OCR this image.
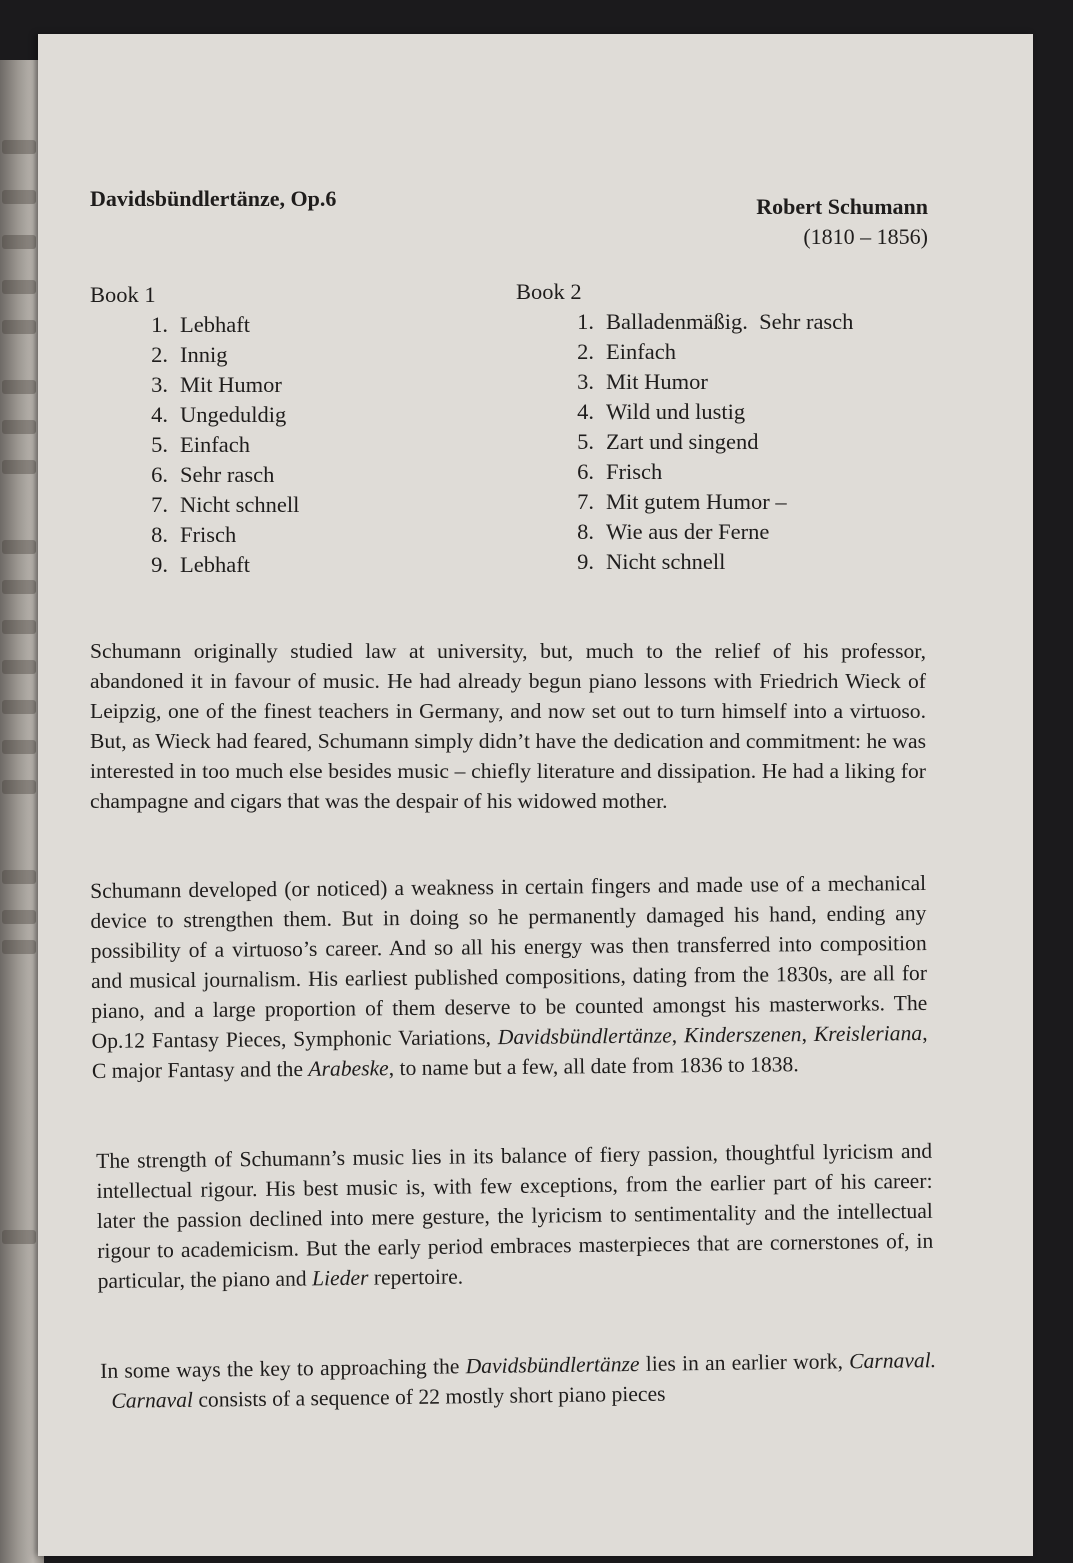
Davidsbündlertänze, Op.6	Robert Schumann
(1810 – 1856)
Book 1
1. Lebhaft
2. Innig
3. Mit Humor
4. Ungeduldig
5. Einfach
6. Sehr rasch
7. Nicht schnell
8. Frisch
9. Lebhaft
Book 2
1. Balladenmäßig.  Sehr rasch
2. Einfach
3. Mit Humor
4. Wild und lustig
5. Zart und singend
6. Frisch
7. Mit gutem Humor –
8. Wie aus der Ferne
9. Nicht schnell

Schumann originally studied law at university, but, much to the relief of his professor, abandoned it in favour of music. He had already begun piano lessons with Friedrich Wieck of Leipzig, one of the finest teachers in Germany, and now set out to turn himself into a virtuoso. But, as Wieck had feared, Schumann simply didn’t have the dedication and commitment: he was interested in too much else besides music – chiefly literature and dissipation. He had a liking for champagne and cigars that was the despair of his widowed mother.

Schumann developed (or noticed) a weakness in certain fingers and made use of a mechanical device to strengthen them. But in doing so he permanently damaged his hand, ending any possibility of a virtuoso’s career. And so all his energy was then transferred into composition and musical journalism. His earliest published compositions, dating from the 1830s, are all for piano, and a large proportion of them deserve to be counted amongst his masterworks. The Op.12 Fantasy Pieces, Symphonic Variations, Davidsbündlertänze, Kinderszenen, Kreisleriana, C major Fantasy and the Arabeske, to name but a few, all date from 1836 to 1838.

The strength of Schumann’s music lies in its balance of fiery passion, thoughtful lyricism and intellectual rigour. His best music is, with few exceptions, from the earlier part of his career: later the passion declined into mere gesture, the lyricism to sentimentality and the intellectual rigour to academicism. But the early period embraces masterpieces that are cornerstones of, in particular, the piano and Lieder repertoire.

In some ways the key to approaching the Davidsbündlertänze lies in an earlier work, Carnaval.  Carnaval consists of a sequence of 22 mostly short piano pieces
